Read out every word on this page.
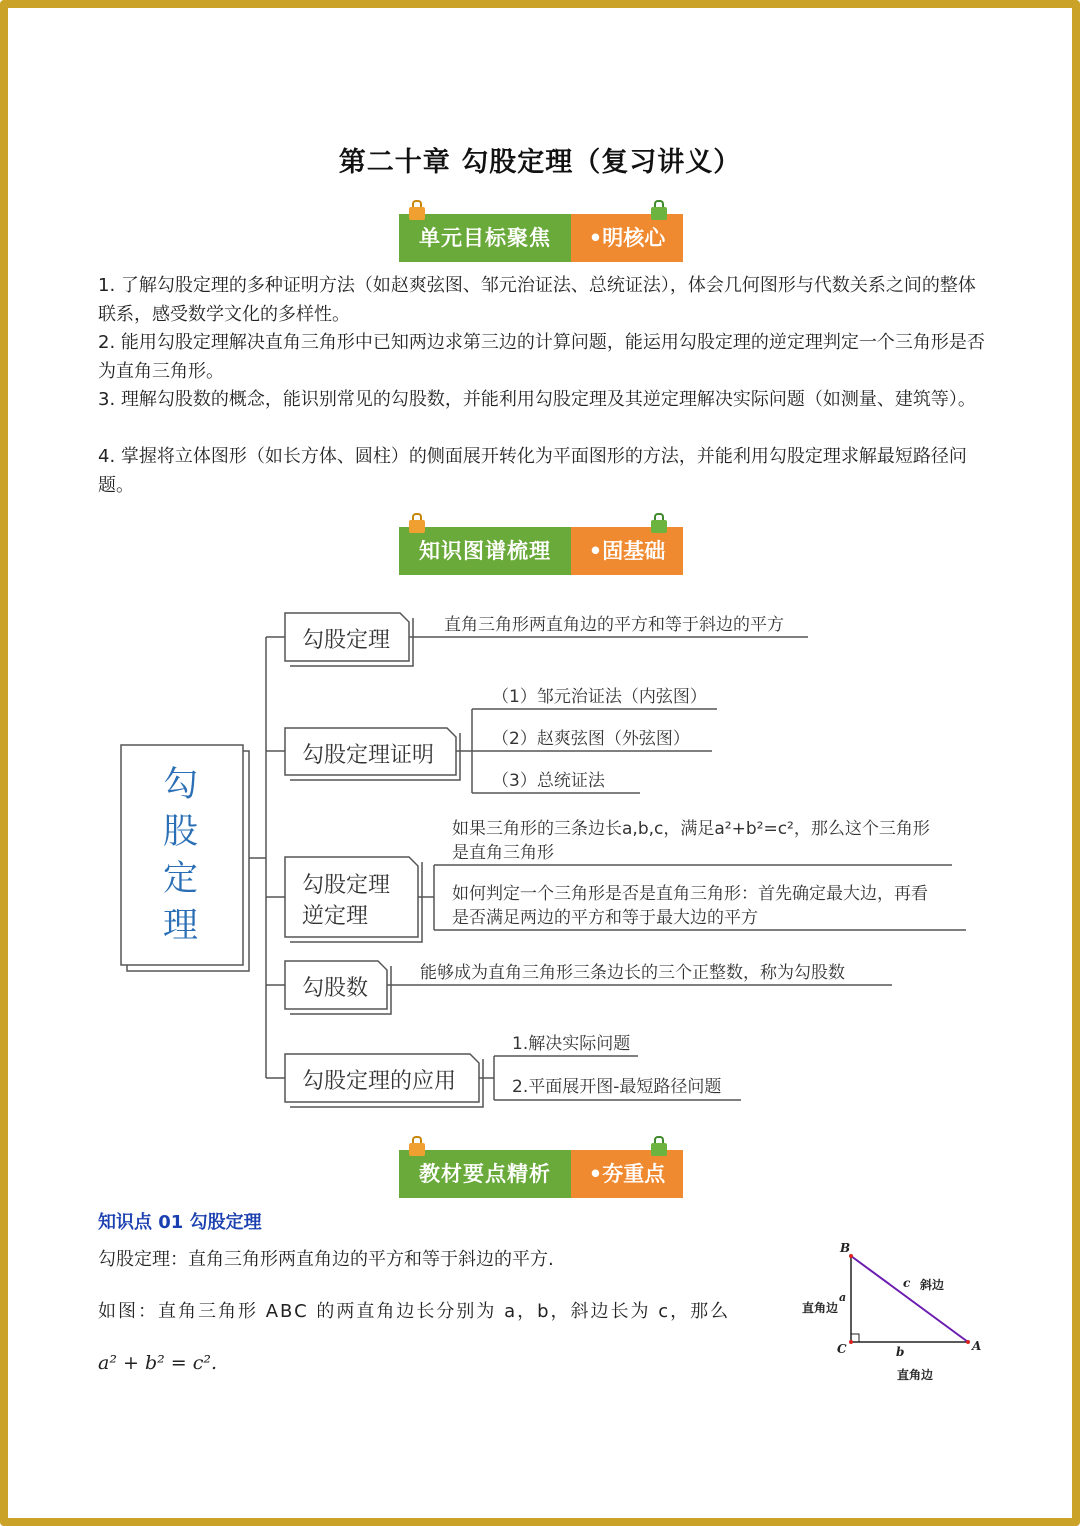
第二十章 勾股定理（复习讲义）
单元目标聚焦	•明核心
1. 了解勾股定理的多种证明方法（如赵爽弦图、邹元治证法、总统证法），体会几何图形与代数关系之间的整体联系，感受数学文化的多样性。
2. 能用勾股定理解决直角三角形中已知两边求第三边的计算问题，能运用勾股定理的逆定理判定一个三角形是否为直角三角形。
3. 理解勾股数的概念，能识别常见的勾股数，并能利用勾股定理及其逆定理解决实际问题（如测量、建筑等）。
4. 掌握将立体图形（如长方体、圆柱）的侧面展开转化为平面图形的方法，并能利用勾股定理求解最短路径问题。
知识图谱梳理	•固基础
勾
股
定
理
勾股定理
勾股定理证明
勾股定理
逆定理
勾股数
勾股定理的应用
直角三角形两直角边的平方和等于斜边的平方
（1）邹元治证法（内弦图）
（2）赵爽弦图（外弦图）
（3）总统证法
如果三角形的三条边长a,b,c，满足a²+b²=c²，那么这个三角形
是直角三角形
如何判定一个三角形是否是直角三角形：首先确定最大边，再看
是否满足两边的平方和等于最大边的平方
能够成为直角三角形三条边长的三个正整数，称为勾股数
1.解决实际问题
2.平面展开图-最短路径问题
教材要点精析	•夯重点
知识点 01 勾股定理
勾股定理：直角三角形两直角边的平方和等于斜边的平方.
如图：直角三角形 ABC 的两直角边长分别为 a，b，斜边长为 c，那么
a² + b² = c².
B
C	A
a
b
c 斜边
直角边
直角边
